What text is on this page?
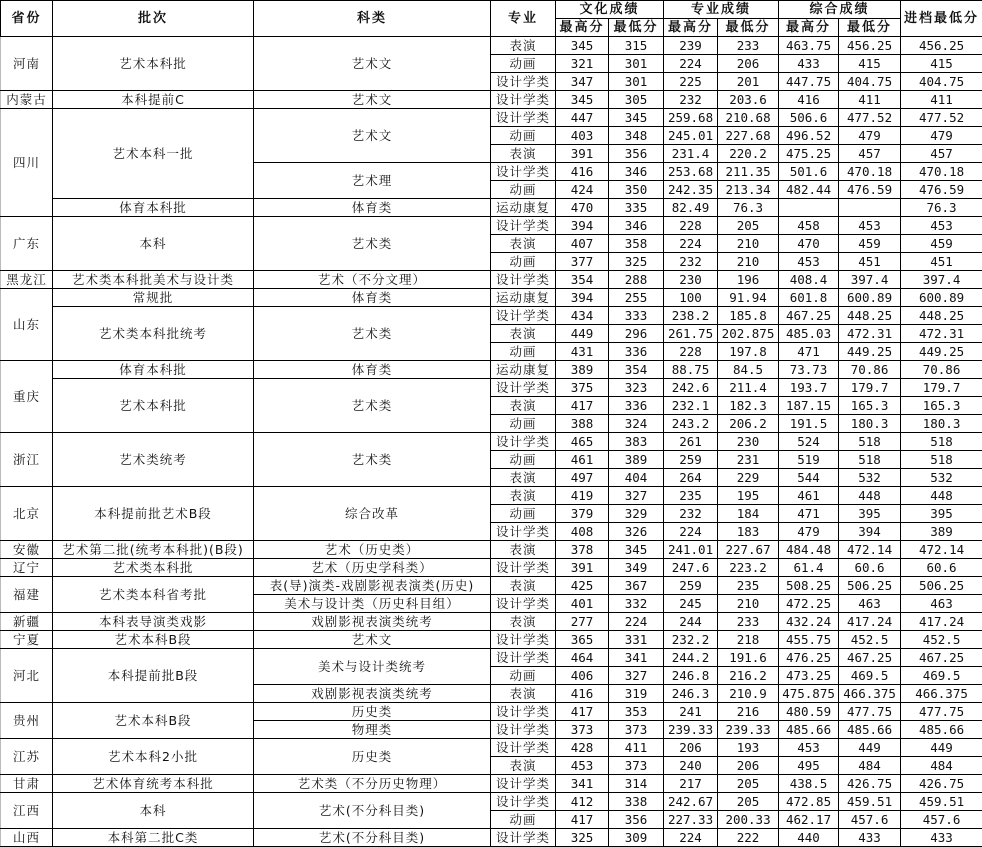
省份	批次	科类	专业	文化成绩		专业成绩		综合成绩		进档最低分
				最高分	最低分	最高分	最低分	最高分	最低分	
河南	艺术本科批	艺术文	表演	345	315	239	233	463.75	456.25	456.25
			动画	321	301	224	206	433	415	415
			设计学类	347	301	225	201	447.75	404.75	404.75
内蒙古	本科提前C	艺术文	设计学类	345	305	232	203.6	416	411	411
四川	艺术本科一批	艺术文	设计学类	447	345	259.68	210.68	506.6	477.52	477.52
			动画	403	348	245.01	227.68	496.52	479	479
			表演	391	356	231.4	220.2	475.25	457	457
		艺术理	设计学类	416	346	253.68	211.35	501.6	470.18	470.18
			动画	424	350	242.35	213.34	482.44	476.59	476.59
	体育本科批	体育类	运动康复	470	335	82.49	76.3			76.3
广东	本科	艺术类	设计学类	394	346	228	205	458	453	453
			表演	407	358	224	210	470	459	459
			动画	377	325	232	210	453	451	451
黑龙江	艺术类本科批美术与设计类	艺术（不分文理）	设计学类	354	288	230	196	408.4	397.4	397.4
山东	常规批	体育类	运动康复	394	255	100	91.94	601.8	600.89	600.89
	艺术类本科批统考	艺术类	设计学类	434	333	238.2	185.8	467.25	448.25	448.25
			表演	449	296	261.75	202.875	485.03	472.31	472.31
			动画	431	336	228	197.8	471	449.25	449.25
重庆	体育本科批	体育类	运动康复	389	354	88.75	84.5	73.73	70.86	70.86
	艺术本科批	艺术类	设计学类	375	323	242.6	211.4	193.7	179.7	179.7
			表演	417	336	232.1	182.3	187.15	165.3	165.3
			动画	388	324	243.2	206.2	191.5	180.3	180.3
浙江	艺术类统考	艺术类	设计学类	465	383	261	230	524	518	518
			动画	461	389	259	231	519	518	518
			表演	497	404	264	229	544	532	532
北京	本科提前批艺术B段	综合改革	表演	419	327	235	195	461	448	448
			动画	379	329	232	184	471	395	395
			设计学类	408	326	224	183	479	394	389
安徽	艺术第二批(统考本科批)(B段)	艺术（历史类）	表演	378	345	241.01	227.67	484.48	472.14	472.14
辽宁	艺术类本科批	艺术（历史学科类）	设计学类	391	349	247.6	223.2	61.4	60.6	60.6
福建	艺术类本科省考批	表(导)演类-戏剧影视表演类(历史)	表演	425	367	259	235	508.25	506.25	506.25
		美术与设计类（历史科目组）	设计学类	401	332	245	210	472.25	463	463
新疆	本科表导演类戏影	戏剧影视表演类统考	表演	277	224	244	233	432.24	417.24	417.24
宁夏	艺术本科B段	艺术文	设计学类	365	331	232.2	218	455.75	452.5	452.5
河北	本科提前批B段	美术与设计类统考	设计学类	464	341	244.2	191.6	476.25	467.25	467.25
			动画	406	327	246.8	216.2	473.25	469.5	469.5
		戏剧影视表演类统考	表演	416	319	246.3	210.9	475.875	466.375	466.375
贵州	艺术本科B段	历史类	设计学类	417	353	241	216	480.59	477.75	477.75
		物理类	设计学类	373	373	239.33	239.33	485.66	485.66	485.66
江苏	艺术本科2小批	历史类	设计学类	428	411	206	193	453	449	449
			表演	453	373	240	206	495	484	484
甘肃	艺术体育统考本科批	艺术类（不分历史物理）	设计学类	341	314	217	205	438.5	426.75	426.75
江西	本科	艺术(不分科目类)	设计学类	412	338	242.67	205	472.85	459.51	459.51
			动画	417	356	227.33	200.33	462.17	457.6	457.6
山西	本科第二批C类	艺术(不分科目类)	设计学类	325	309	224	222	440	433	433
